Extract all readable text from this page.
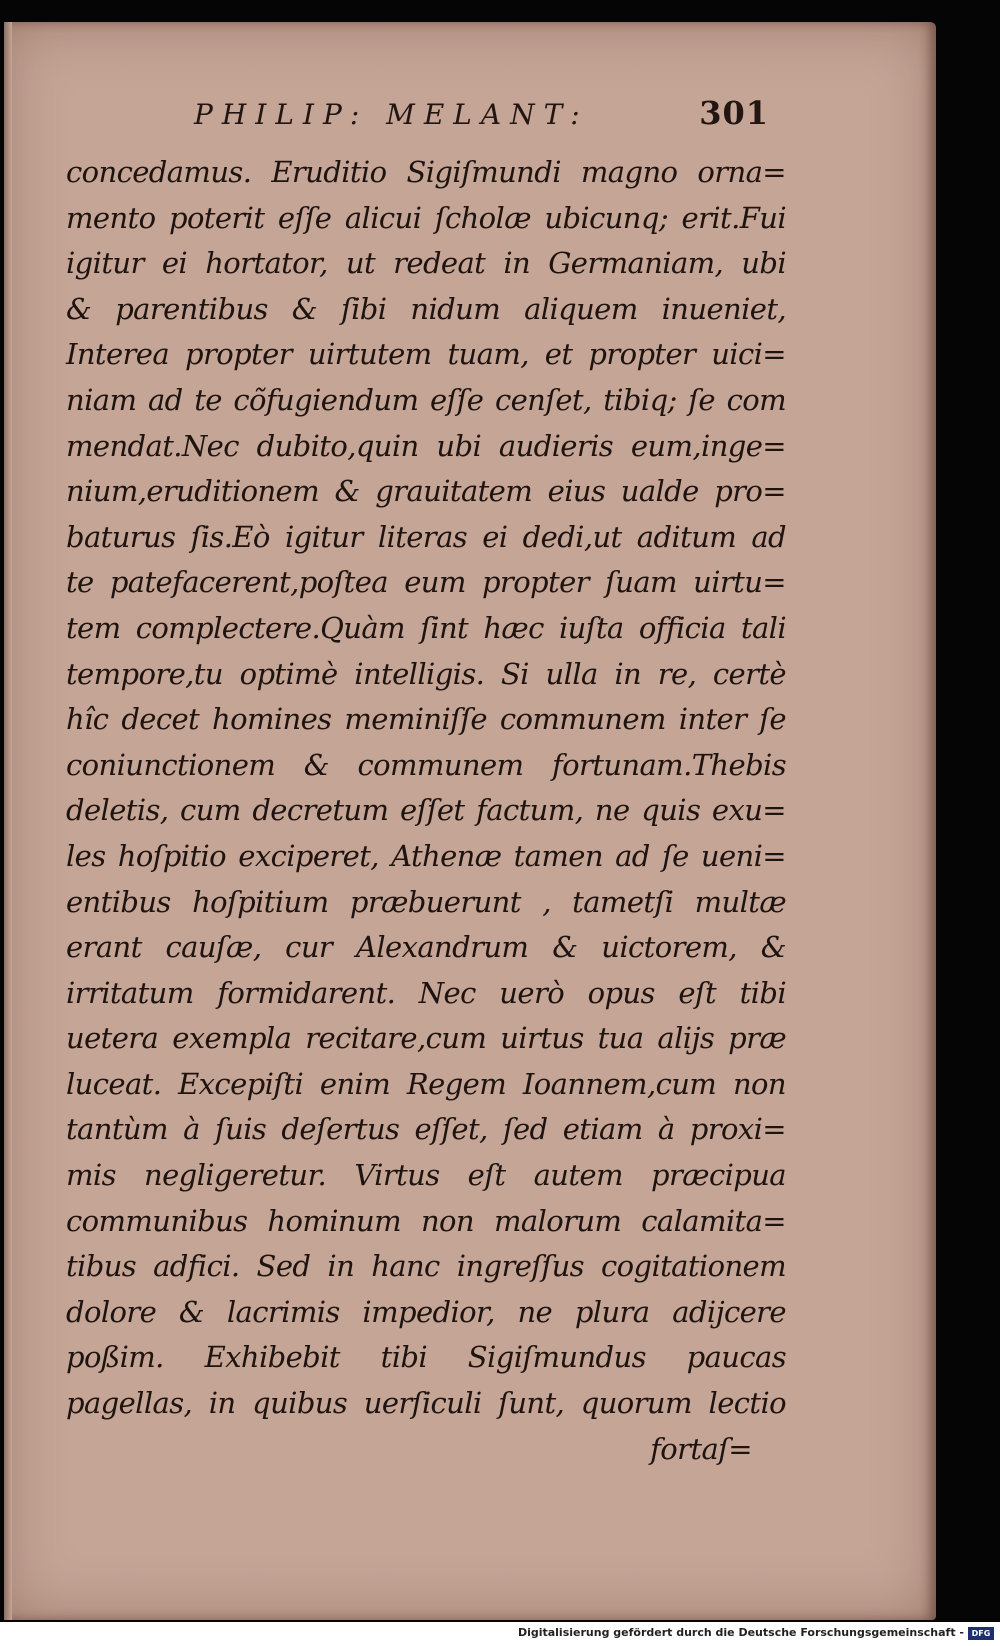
PHILIP: MELANT:	301
concedamus. Eruditio Sigiſmundi magno orna=
mento poterit eſſe alicui ſcholæ ubicunq; erit.Fui
igitur ei hortator, ut redeat in Germaniam, ubi
& parentibus & ſibi nidum aliquem inueniet,
Interea propter uirtutem tuam, et propter uici=
niam ad te cõfugiendum eſſe cenſet, tibiq; ſe com
mendat.Nec dubito,quin ubi audieris eum,inge=
nium,eruditionem & grauitatem eius ualde pro=
baturus ſis.Eò igitur literas ei dedi,ut aditum ad
te patefacerent,poſtea eum propter ſuam uirtu=
tem complectere.Quàm ſint hæc iuſta officia tali
tempore,tu optimè intelligis. Si ulla in re, certè
hîc decet homines meminiſſe communem inter ſe
coniunctionem & communem fortunam.Thebis
deletis, cum decretum eſſet factum, ne quis exu=
les hoſpitio exciperet, Athenæ tamen ad ſe ueni=
entibus hoſpitium præbuerunt , tametſi multæ
erant cauſæ, cur Alexandrum & uictorem, &
irritatum formidarent. Nec uerò opus eſt tibi
uetera exempla recitare,cum uirtus tua alijs præ
luceat. Excepiſti enim Regem Ioannem,cum non
tantùm à ſuis deſertus eſſet, ſed etiam à proxi=
mis negligeretur. Virtus eſt autem præcipua
communibus hominum non malorum calamita=
tibus adfici. Sed in hanc ingreſſus cogitationem
dolore & lacrimis impedior, ne plura adijcere
poßim. Exhibebit tibi Sigiſmundus paucas
pagellas, in quibus uerſiculi ſunt, quorum lectio
fortaſ=
Digitalisierung gefördert durch die Deutsche Forschungsgemeinschaft - DFG
